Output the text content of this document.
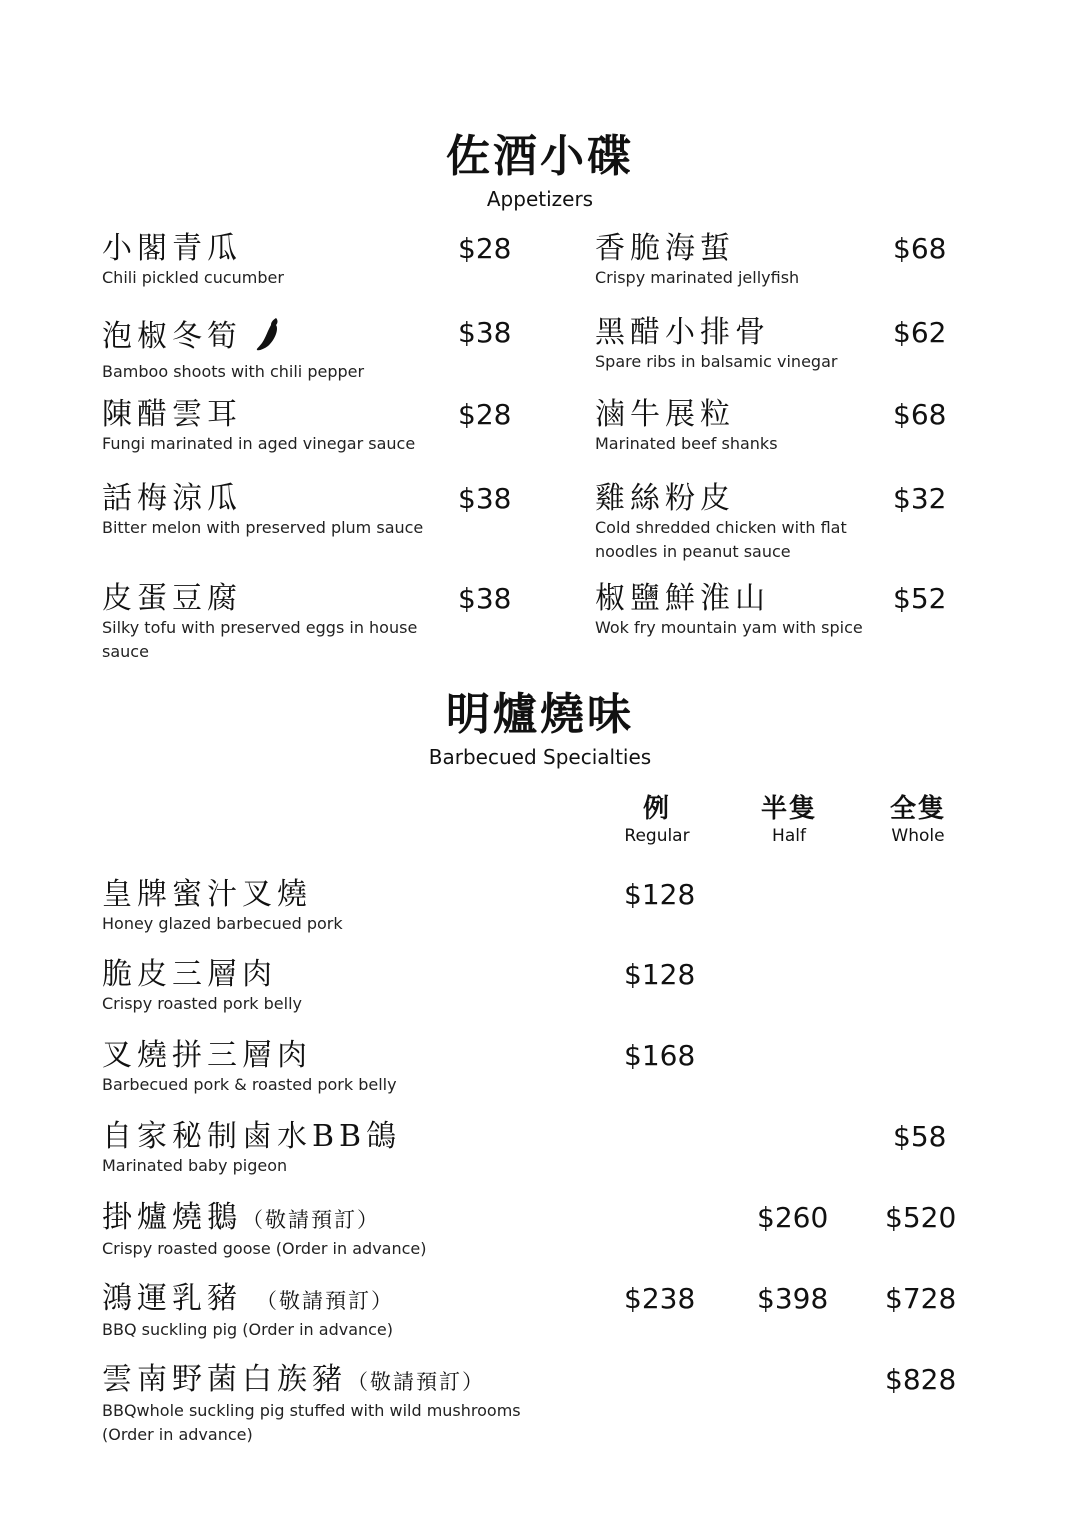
佐酒小碟
Appetizers
小閣青瓜
Chili pickled cucumber
$28
泡椒冬筍
Bamboo shoots with chili pepper
$38
陳醋雲耳
Fungi marinated in aged vinegar sauce
$28
話梅涼瓜
Bitter melon with preserved plum sauce
$38
皮蛋豆腐
Silky tofu with preserved eggs in house sauce
$38
香脆海蜇
Crispy marinated jellyfish
$68
黑醋小排骨
Spare ribs in balsamic vinegar
$62
滷牛展粒
Marinated beef shanks
$68
雞絲粉皮
Cold shredded chicken with flat noodles in peanut sauce
$32
椒鹽鮮淮山
Wok fry mountain yam with spice
$52
明爐燒味
Barbecued Specialties
例
Regular
半隻
Half
全隻
Whole
皇牌蜜汁叉燒
Honey glazed barbecued pork
$128
脆皮三層肉
Crispy roasted pork belly
$128
叉燒拼三層肉
Barbecued pork & roasted pork belly
$168
自家秘制鹵水BB鴿
Marinated baby pigeon
$58
掛爐燒鵝（敬請預訂）
Crispy roasted goose (Order in advance)
$260 $520
鴻運乳豬 （敬請預訂）
BBQ suckling pig (Order in advance)
$238 $398 $728
雲南野菌白族豬（敬請預訂）
BBQwhole suckling pig stuffed with wild mushrooms (Order in advance)
$828
